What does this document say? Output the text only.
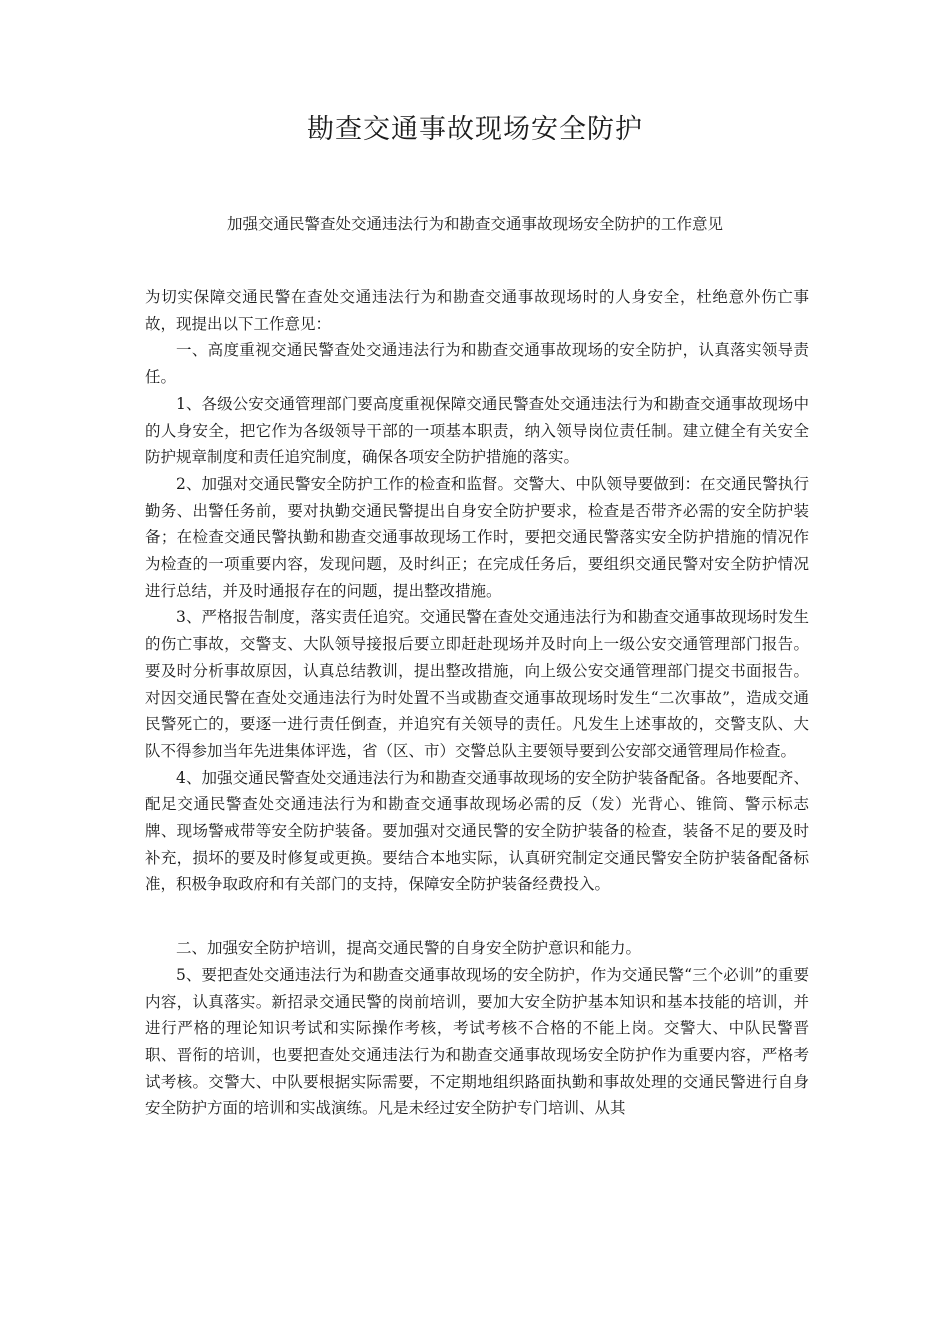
勘查交通事故现场安全防护
加强交通民警查处交通违法行为和勘查交通事故现场安全防护的工作意见

为切实保障交通民警在查处交通违法行为和勘查交通事故现场时的人身安全，杜绝意外伤亡事故，现提出以下工作意见：

一、高度重视交通民警查处交通违法行为和勘查交通事故现场的安全防护，认真落实领导责任。

1、各级公安交通管理部门要高度重视保障交通民警查处交通违法行为和勘查交通事故现场中的人身安全，把它作为各级领导干部的一项基本职责，纳入领导岗位责任制。建立健全有关安全防护规章制度和责任追究制度，确保各项安全防护措施的落实。

2、加强对交通民警安全防护工作的检查和监督。交警大、中队领导要做到：在交通民警执行勤务、出警任务前，要对执勤交通民警提出自身安全防护要求，检查是否带齐必需的安全防护装备；在检查交通民警执勤和勘查交通事故现场工作时，要把交通民警落实安全防护措施的情况作为检查的一项重要内容，发现问题，及时纠正；在完成任务后，要组织交通民警对安全防护情况进行总结，并及时通报存在的问题，提出整改措施。

3、严格报告制度，落实责任追究。交通民警在查处交通违法行为和勘查交通事故现场时发生的伤亡事故，交警支、大队领导接报后要立即赶赴现场并及时向上一级公安交通管理部门报告。要及时分析事故原因，认真总结教训，提出整改措施，向上级公安交通管理部门提交书面报告。对因交通民警在查处交通违法行为时处置不当或勘查交通事故现场时发生“二次事故”，造成交通民警死亡的，要逐一进行责任倒查，并追究有关领导的责任。凡发生上述事故的，交警支队、大队不得参加当年先进集体评选，省（区、市）交警总队主要领导要到公安部交通管理局作检查。

4、加强交通民警查处交通违法行为和勘查交通事故现场的安全防护装备配备。各地要配齐、配足交通民警查处交通违法行为和勘查交通事故现场必需的反（发）光背心、锥筒、警示标志牌、现场警戒带等安全防护装备。要加强对交通民警的安全防护装备的检查，装备不足的要及时补充，损坏的要及时修复或更换。要结合本地实际，认真研究制定交通民警安全防护装备配备标准，积极争取政府和有关部门的支持，保障安全防护装备经费投入。

二、加强安全防护培训，提高交通民警的自身安全防护意识和能力。

5、要把查处交通违法行为和勘查交通事故现场的安全防护，作为交通民警“三个必训”的重要内容，认真落实。新招录交通民警的岗前培训，要加大安全防护基本知识和基本技能的培训，并进行严格的理论知识考试和实际操作考核，考试考核不合格的不能上岗。交警大、中队民警晋职、晋衔的培训，也要把查处交通违法行为和勘查交通事故现场安全防护作为重要内容，严格考试考核。交警大、中队要根据实际需要，不定期地组织路面执勤和事故处理的交通民警进行自身安全防护方面的培训和实战演练。凡是未经过安全防护专门培训、从其
